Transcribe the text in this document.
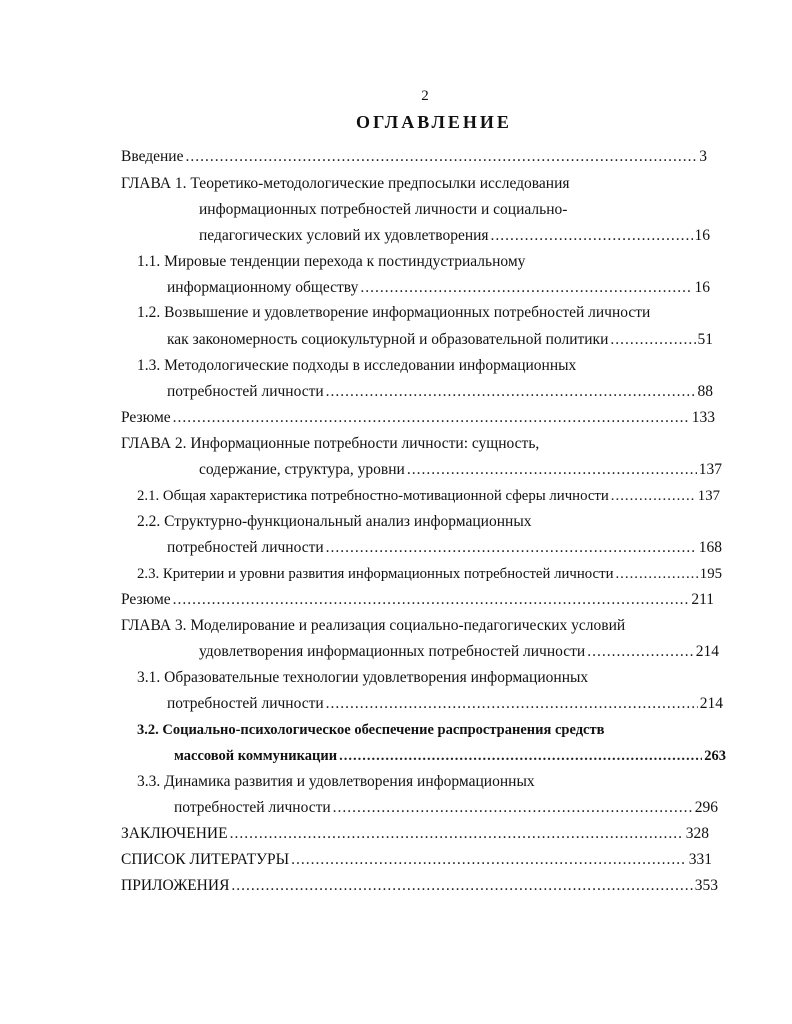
2
ОГЛАВЛЕНИЕ
Введение .....	3
ГЛАВА 1. Теоретико-методологические предпосылки исследования
информационных потребностей личности и социально-
педагогических условий их удовлетворения .....	16
1.1. Мировые тенденции перехода к постиндустриальному
информационному обществу .....	16
1.2. Возвышение и удовлетворение информационных потребностей личности
как закономерность социокультурной и образовательной политики .....	51
1.3. Методологические подходы в исследовании информационных
потребностей личности .....	88
Резюме .....	133
ГЛАВА 2. Информационные потребности личности: сущность,
содержание, структура, уровни .....	137
2.1. Общая характеристика потребностно-мотивационной сферы личности .....	137
2.2. Структурно-функциональный анализ информационных
потребностей личности .....	168
2.3. Критерии и уровни развития информационных потребностей личности .....	195
Резюме .....	211
ГЛАВА 3. Моделирование и реализация социально-педагогических условий
удовлетворения информационных потребностей личности .....	214
3.1. Образовательные технологии удовлетворения информационных
потребностей личности .....	214
3.2. Социально-психологическое обеспечение распространения средств
массовой коммуникации .....	263
3.3. Динамика развития и удовлетворения информационных
потребностей личности .....	296
ЗАКЛЮЧЕНИЕ .....	328
СПИСОК ЛИТЕРАТУРЫ .....	331
ПРИЛОЖЕНИЯ .....	353
